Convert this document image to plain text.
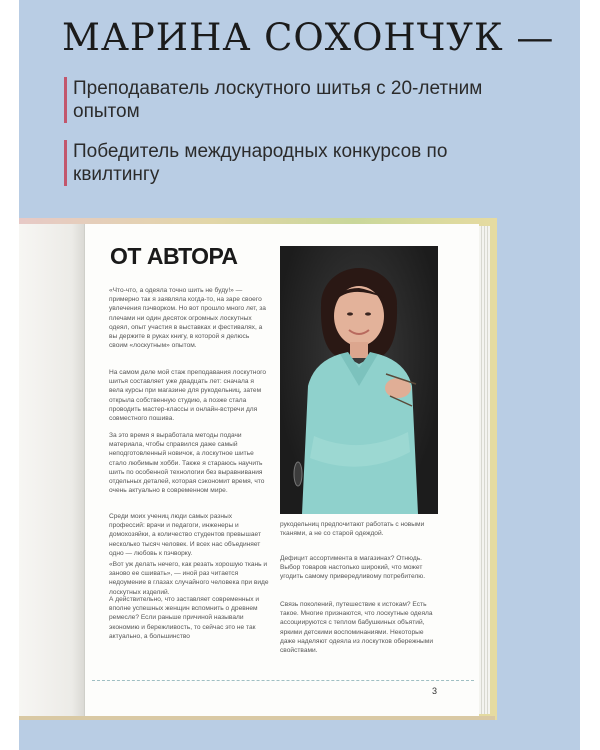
МАРИНА СОХОНЧУК —
Преподаватель лоскутного шитья с 20-летним опытом
Победитель международных конкурсов по квилтингу
ОТ АВТОРА

«Что-что, а одеяла точно шить не буду!» — примерно так я заявляла когда-то, на заре своего увлечения пэчворком. Но вот прошло много лет, за плечами ни один десяток огромных лоскутных одеял, опыт участия в выставках и фестивалях, а вы держите в руках книгу, в которой я делюсь своим «лоскутным» опытом.

На самом деле мой стаж преподавания лоскутного шитья составляет уже двадцать лет: сначала я вела курсы при магазине для рукодельниц, затем открыла собственную студию, а позже стала проводить мастер-классы и онлайн-встречи для совместного пошива.

За это время я выработала методы подачи материала, чтобы справился даже самый неподготовленный новичок, а лоскутное шитье стало любимым хобби. Также я стараюсь научить шить по особенной технологии без выравнивания отдельных деталей, которая сэкономит время, что очень актуально в современном мире.

Среди моих учениц люди самых разных профессий: врачи и педагоги, инженеры и домохозяйки, а количество студентов превышает несколько тысяч человек. И всех нас объединяет одно — любовь к пэчворку.

«Вот уж делать нечего, как резать хорошую ткань и заново ее сшивать», — иной раз читается недоумение в глазах случайного человека при виде лоскутных изделий.

А действительно, что заставляет современных и вполне успешных женщин вспомнить о древнем ремесле? Если раньше причиной называли экономию и бережливость, то сейчас это не так актуально, а большинство

рукодельниц предпочитают работать с новыми тканями, а не со старой одеждой.

Дефицит ассортимента в магазинах? Отнюдь. Выбор товаров настолько широкий, что может угодить самому привередливому потребителю.

Связь поколений, путешествие к истокам? Есть такое. Многие признаются, что лоскутные одеяла ассоциируются с теплом бабушкиных объятий, яркими детскими воспоминаниями. Некоторые даже наделяют одеяла из лоскутков обережными свойствами.

3
